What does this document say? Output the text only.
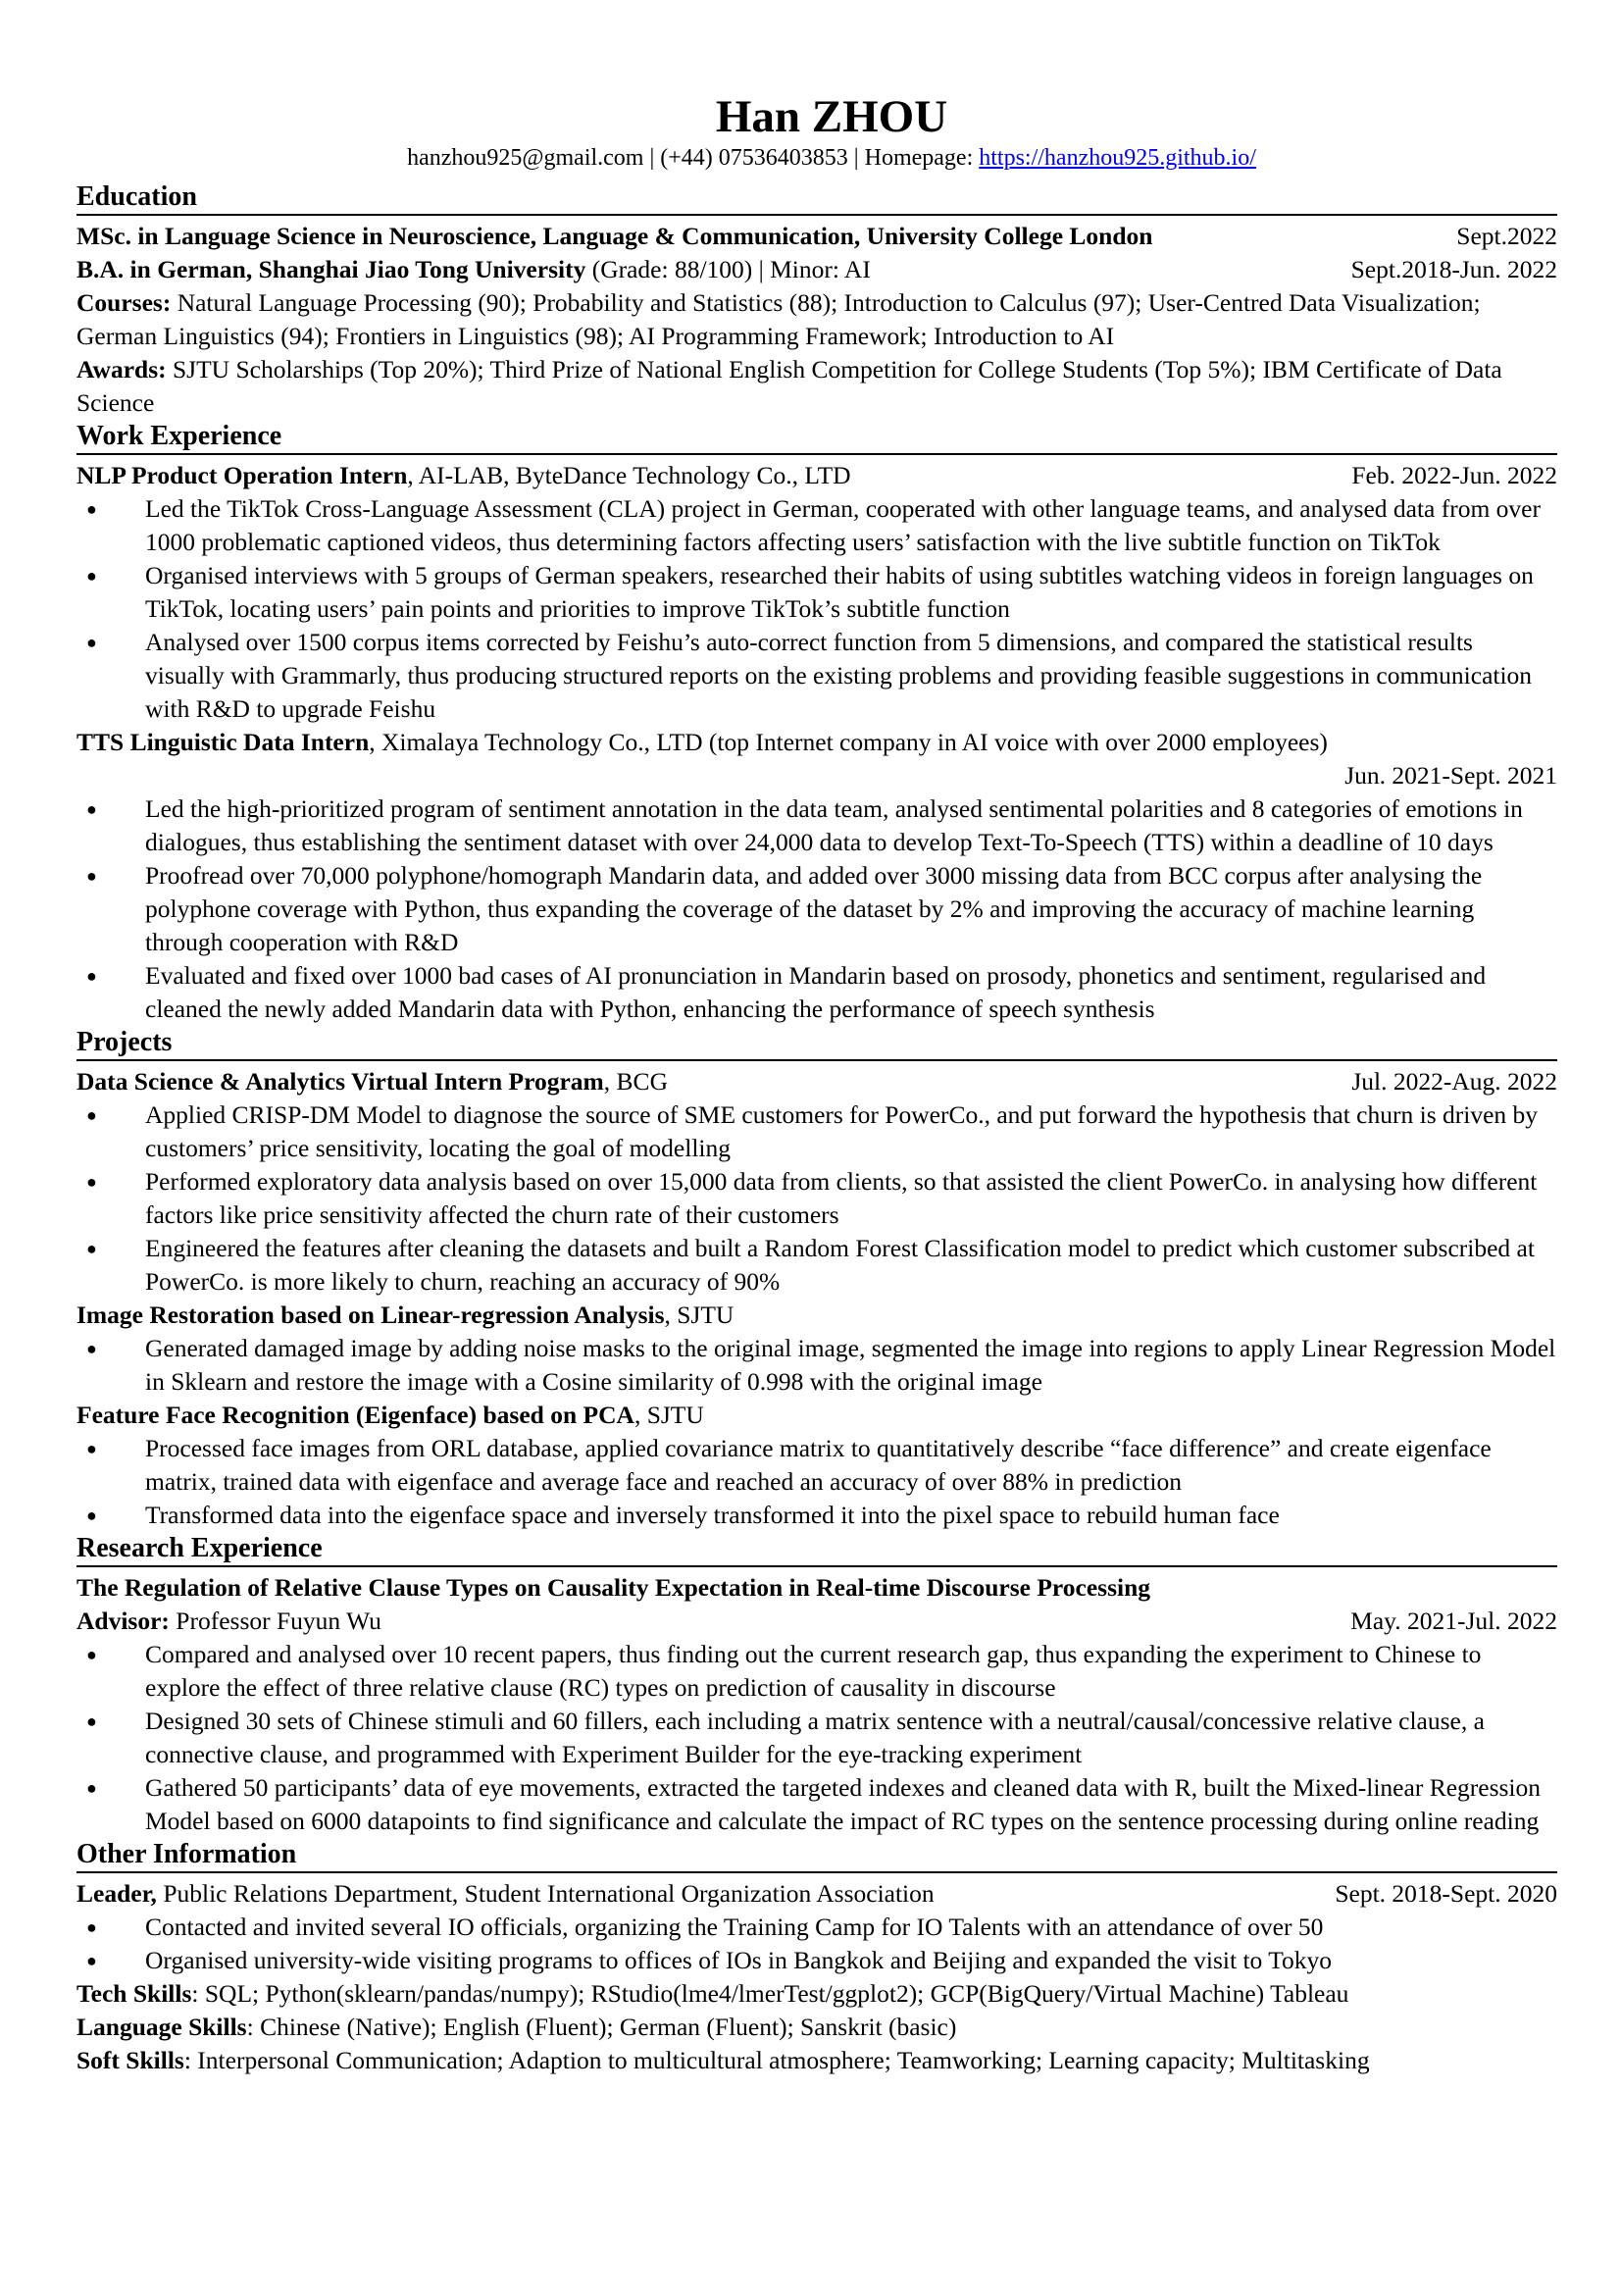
Han ZHOU
hanzhou925@gmail.com | (+44) 07536403853 | Homepage: https://hanzhou925.github.io/
Education
MSc. in Language Science in Neuroscience, Language & Communication, University College London	Sept.2022
B.A. in German, Shanghai Jiao Tong University (Grade: 88/100) | Minor: AI	Sept.2018-Jun. 2022
Courses: Natural Language Processing (90); Probability and Statistics (88); Introduction to Calculus (97); User-Centred Data Visualization; German Linguistics (94); Frontiers in Linguistics (98); AI Programming Framework; Introduction to AI
Awards: SJTU Scholarships (Top 20%); Third Prize of National English Competition for College Students (Top 5%); IBM Certificate of Data Science
Work Experience
NLP Product Operation Intern, AI-LAB, ByteDance Technology Co., LTD	Feb. 2022-Jun. 2022
● Led the TikTok Cross-Language Assessment (CLA) project in German, cooperated with other language teams, and analysed data from over 1000 problematic captioned videos, thus determining factors affecting users’ satisfaction with the live subtitle function on TikTok
● Organised interviews with 5 groups of German speakers, researched their habits of using subtitles watching videos in foreign languages on TikTok, locating users’ pain points and priorities to improve TikTok’s subtitle function
● Analysed over 1500 corpus items corrected by Feishu’s auto-correct function from 5 dimensions, and compared the statistical results visually with Grammarly, thus producing structured reports on the existing problems and providing feasible suggestions in communication with R&D to upgrade Feishu
TTS Linguistic Data Intern, Ximalaya Technology Co., LTD (top Internet company in AI voice with over 2000 employees)
Jun. 2021-Sept. 2021
● Led the high-prioritized program of sentiment annotation in the data team, analysed sentimental polarities and 8 categories of emotions in dialogues, thus establishing the sentiment dataset with over 24,000 data to develop Text-To-Speech (TTS) within a deadline of 10 days
● Proofread over 70,000 polyphone/homograph Mandarin data, and added over 3000 missing data from BCC corpus after analysing the polyphone coverage with Python, thus expanding the coverage of the dataset by 2% and improving the accuracy of machine learning through cooperation with R&D
● Evaluated and fixed over 1000 bad cases of AI pronunciation in Mandarin based on prosody, phonetics and sentiment, regularised and cleaned the newly added Mandarin data with Python, enhancing the performance of speech synthesis
Projects
Data Science & Analytics Virtual Intern Program, BCG	Jul. 2022-Aug. 2022
● Applied CRISP-DM Model to diagnose the source of SME customers for PowerCo., and put forward the hypothesis that churn is driven by customers’ price sensitivity, locating the goal of modelling
● Performed exploratory data analysis based on over 15,000 data from clients, so that assisted the client PowerCo. in analysing how different factors like price sensitivity affected the churn rate of their customers
● Engineered the features after cleaning the datasets and built a Random Forest Classification model to predict which customer subscribed at PowerCo. is more likely to churn, reaching an accuracy of 90%
Image Restoration based on Linear-regression Analysis, SJTU
● Generated damaged image by adding noise masks to the original image, segmented the image into regions to apply Linear Regression Model in Sklearn and restore the image with a Cosine similarity of 0.998 with the original image
Feature Face Recognition (Eigenface) based on PCA, SJTU
● Processed face images from ORL database, applied covariance matrix to quantitatively describe “face difference” and create eigenface matrix, trained data with eigenface and average face and reached an accuracy of over 88% in prediction
● Transformed data into the eigenface space and inversely transformed it into the pixel space to rebuild human face
Research Experience
The Regulation of Relative Clause Types on Causality Expectation in Real-time Discourse Processing
Advisor: Professor Fuyun Wu	May. 2021-Jul. 2022
● Compared and analysed over 10 recent papers, thus finding out the current research gap, thus expanding the experiment to Chinese to explore the effect of three relative clause (RC) types on prediction of causality in discourse
● Designed 30 sets of Chinese stimuli and 60 fillers, each including a matrix sentence with a neutral/causal/concessive relative clause, a connective clause, and programmed with Experiment Builder for the eye-tracking experiment
● Gathered 50 participants’ data of eye movements, extracted the targeted indexes and cleaned data with R, built the Mixed-linear Regression Model based on 6000 datapoints to find significance and calculate the impact of RC types on the sentence processing during online reading
Other Information
Leader, Public Relations Department, Student International Organization Association	Sept. 2018-Sept. 2020
● Contacted and invited several IO officials, organizing the Training Camp for IO Talents with an attendance of over 50
● Organised university-wide visiting programs to offices of IOs in Bangkok and Beijing and expanded the visit to Tokyo
Tech Skills: SQL; Python(sklearn/pandas/numpy); RStudio(lme4/lmerTest/ggplot2); GCP(BigQuery/Virtual Machine) Tableau
Language Skills: Chinese (Native); English (Fluent); German (Fluent); Sanskrit (basic)
Soft Skills: Interpersonal Communication; Adaption to multicultural atmosphere; Teamworking; Learning capacity; Multitasking
